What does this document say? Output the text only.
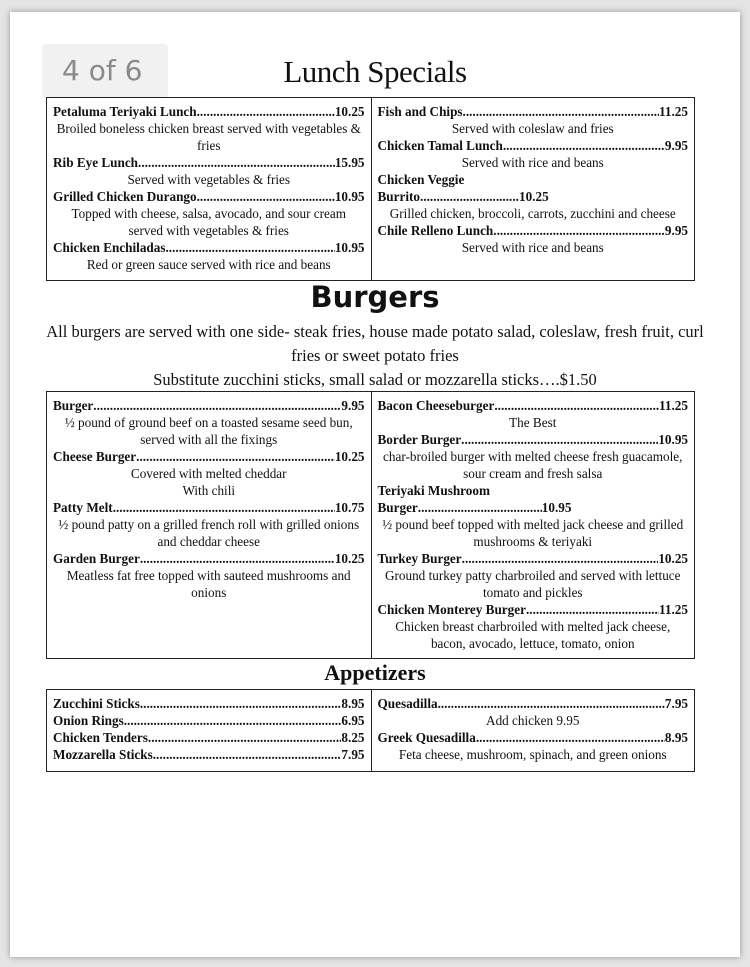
4 of 6	Lunch Specials
Petaluma Teriyaki Lunch .....	10.25
Broiled boneless chicken breast served with vegetables & fries
Rib Eye Lunch .....	15.95
Served with vegetables & fries
Grilled Chicken Durango .....	10.95
Topped with cheese, salsa, avocado, and sour cream served with vegetables & fries
Chicken Enchiladas .....	10.95
Red or green sauce served with rice and beans
Fish and Chips .....	11.25
Served with coleslaw and fries
Chicken Tamal Lunch .....	9.95
Served with rice and beans
Chicken Veggie
Burrito .....	10.25
Grilled chicken, broccoli, carrots, zucchini and cheese
Chile Relleno Lunch .....	9.95
Served with rice and beans
Burgers
All burgers are served with one side- steak fries, house made potato salad, coleslaw, fresh fruit, curl fries or sweet potato fries
Substitute zucchini sticks, small salad or mozzarella sticks….$1.50
Burger .....	9.95
½ pound of ground beef on a toasted sesame seed bun, served with all the fixings
Cheese Burger .....	10.25
Covered with melted cheddar
With chili
Patty Melt .....	10.75
½ pound patty on a grilled french roll with grilled onions and cheddar cheese
Garden Burger .....	10.25
Meatless fat free topped with sauteed mushrooms and onions
Bacon Cheeseburger .....	11.25
The Best
Border Burger .....	10.95
char-broiled burger with melted cheese fresh guacamole, sour cream and fresh salsa
Teriyaki Mushroom
Burger .....	10.95
½ pound beef topped with melted jack cheese and grilled mushrooms & teriyaki
Turkey Burger .....	10.25
Ground turkey patty charbroiled and served with lettuce tomato and pickles
Chicken Monterey Burger .....	11.25
Chicken breast charbroiled with melted jack cheese, bacon, avocado, lettuce, tomato, onion
Appetizers
Zucchini Sticks .....	8.95
Onion Rings .....	6.95
Chicken Tenders .....	8.25
Mozzarella Sticks .....	7.95
Quesadilla .....	7.95
Add chicken 9.95
Greek Quesadilla .....	8.95
Feta cheese, mushroom, spinach, and green onions
